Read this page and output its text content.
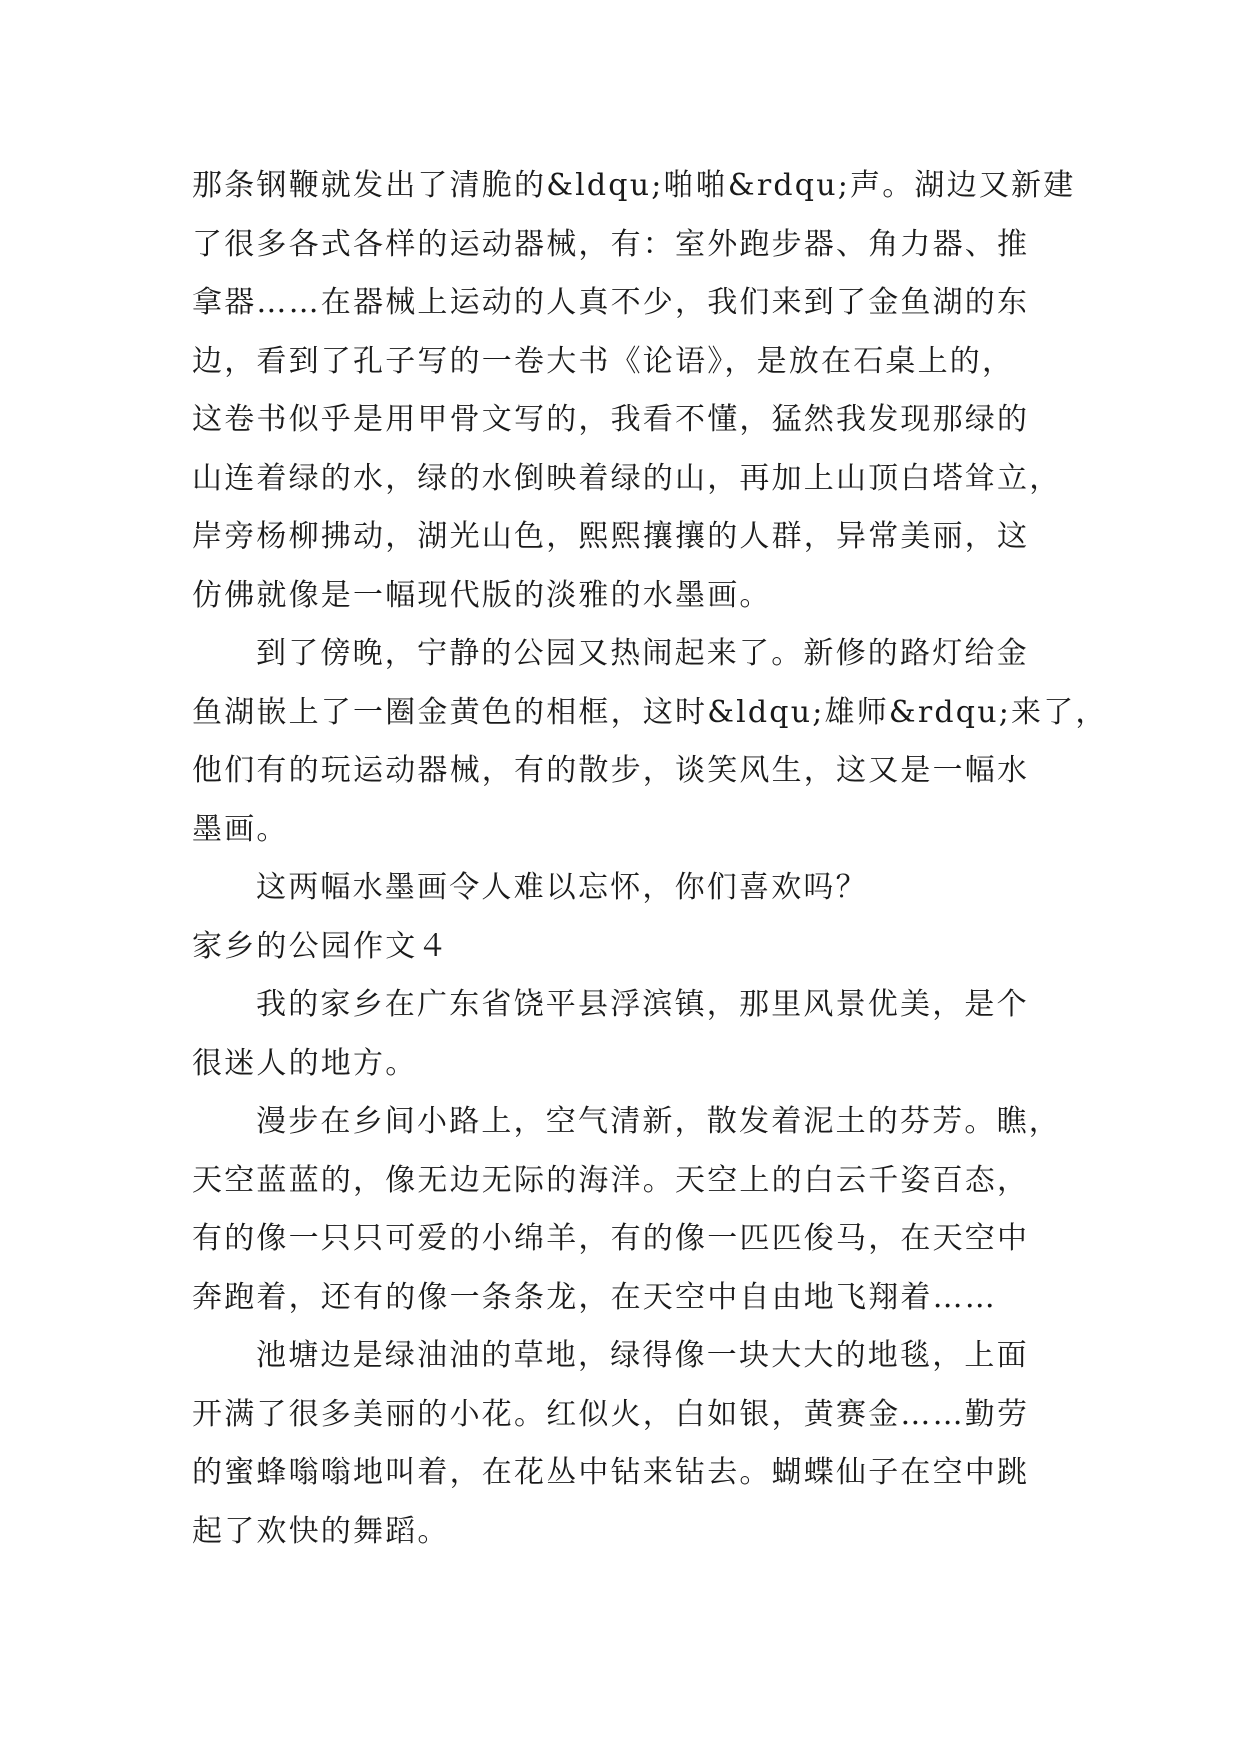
那条钢鞭就发出了清脆的&ldqu;啪啪&rdqu;声。湖边又新建
了很多各式各样的运动器械，有：室外跑步器、角力器、推
拿器……在器械上运动的人真不少，我们来到了金鱼湖的东
边，看到了孔子写的一卷大书《论语》，是放在石桌上的，
这卷书似乎是用甲骨文写的，我看不懂，猛然我发现那绿的
山连着绿的水，绿的水倒映着绿的山，再加上山顶白塔耸立，
岸旁杨柳拂动，湖光山色，熙熙攘攘的人群，异常美丽，这
仿佛就像是一幅现代版的淡雅的水墨画。
到了傍晚，宁静的公园又热闹起来了。新修的路灯给金
鱼湖嵌上了一圈金黄色的相框，这时&ldqu;雄师&rdqu;来了，
他们有的玩运动器械，有的散步，谈笑风生，这又是一幅水
墨画。
这两幅水墨画令人难以忘怀，你们喜欢吗？
家乡的公园作文４
我的家乡在广东省饶平县浮滨镇，那里风景优美，是个
很迷人的地方。
漫步在乡间小路上，空气清新，散发着泥土的芬芳。瞧，
天空蓝蓝的，像无边无际的海洋。天空上的白云千姿百态，
有的像一只只可爱的小绵羊，有的像一匹匹俊马，在天空中
奔跑着，还有的像一条条龙，在天空中自由地飞翔着……
池塘边是绿油油的草地，绿得像一块大大的地毯，上面
开满了很多美丽的小花。红似火，白如银，黄赛金……勤劳
的蜜蜂嗡嗡地叫着，在花丛中钻来钻去。蝴蝶仙子在空中跳
起了欢快的舞蹈。
